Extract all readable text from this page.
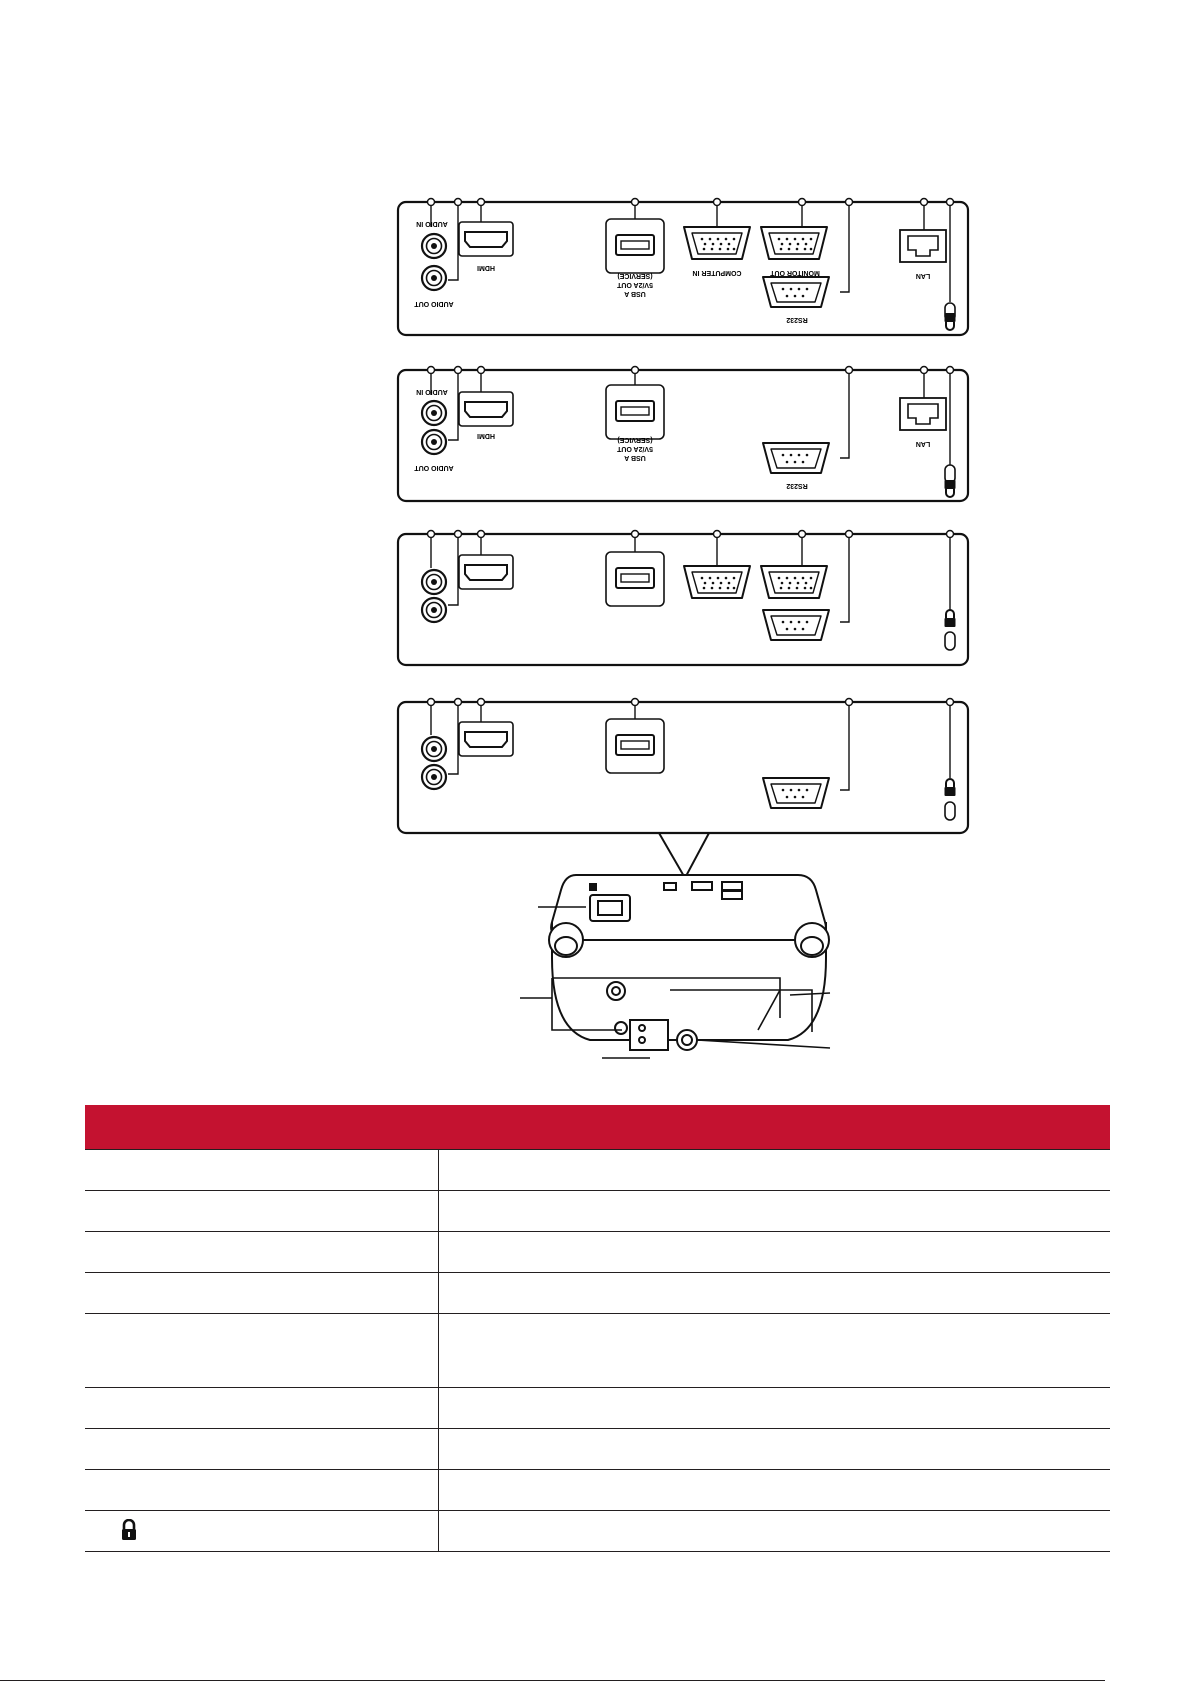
AUDIO IN
AUDIO OUT
HDMI
USB A
5V/2A OUT
(SERVICE)	COMPUTER IN	MONITOR OUT
RS232
LAN
AUDIO IN
AUDIO OUT
HDMI
USB A
5V/2A OUT
(SERVICE)
RS232
LAN
